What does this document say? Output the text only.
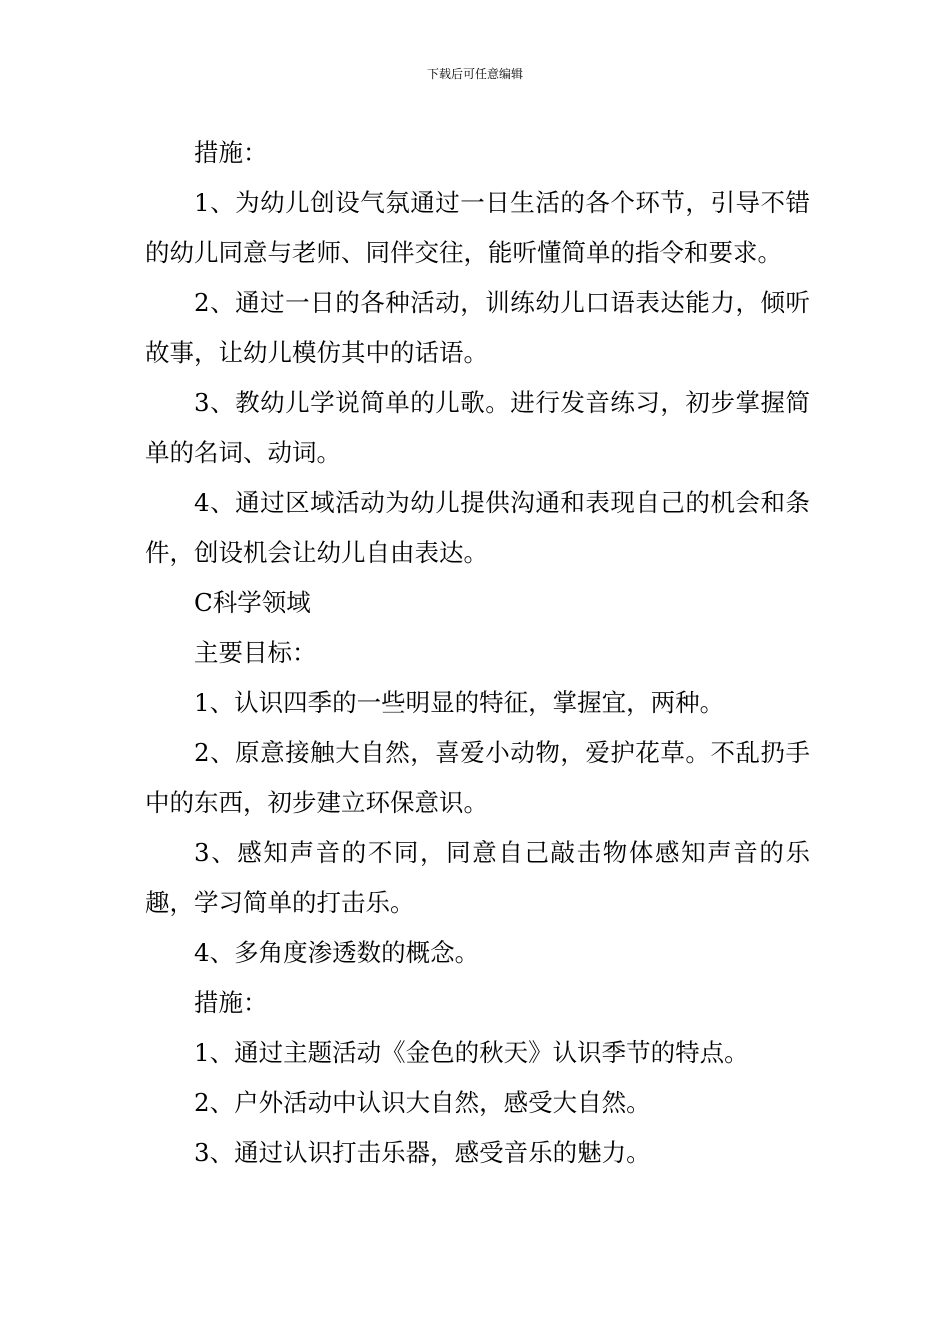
下载后可任意编辑

措施：

1、为幼儿创设气氛通过一日生活的各个环节，引导不错的幼儿同意与老师、同伴交往，能听懂简单的指令和要求。

2、通过一日的各种活动，训练幼儿口语表达能力，倾听故事，让幼儿模仿其中的话语。

3、教幼儿学说简单的儿歌。进行发音练习，初步掌握简单的名词、动词。

4、通过区域活动为幼儿提供沟通和表现自己的机会和条件，创设机会让幼儿自由表达。

C科学领域

主要目标：

1、认识四季的一些明显的特征，掌握宜，两种。

2、原意接触大自然，喜爱小动物，爱护花草。不乱扔手中的东西，初步建立环保意识。

3、感知声音的不同，同意自己敲击物体感知声音的乐趣，学习简单的打击乐。

4、多角度渗透数的概念。

措施：

1、通过主题活动《金色的秋天》认识季节的特点。

2、户外活动中认识大自然，感受大自然。

3、通过认识打击乐器，感受音乐的魅力。
